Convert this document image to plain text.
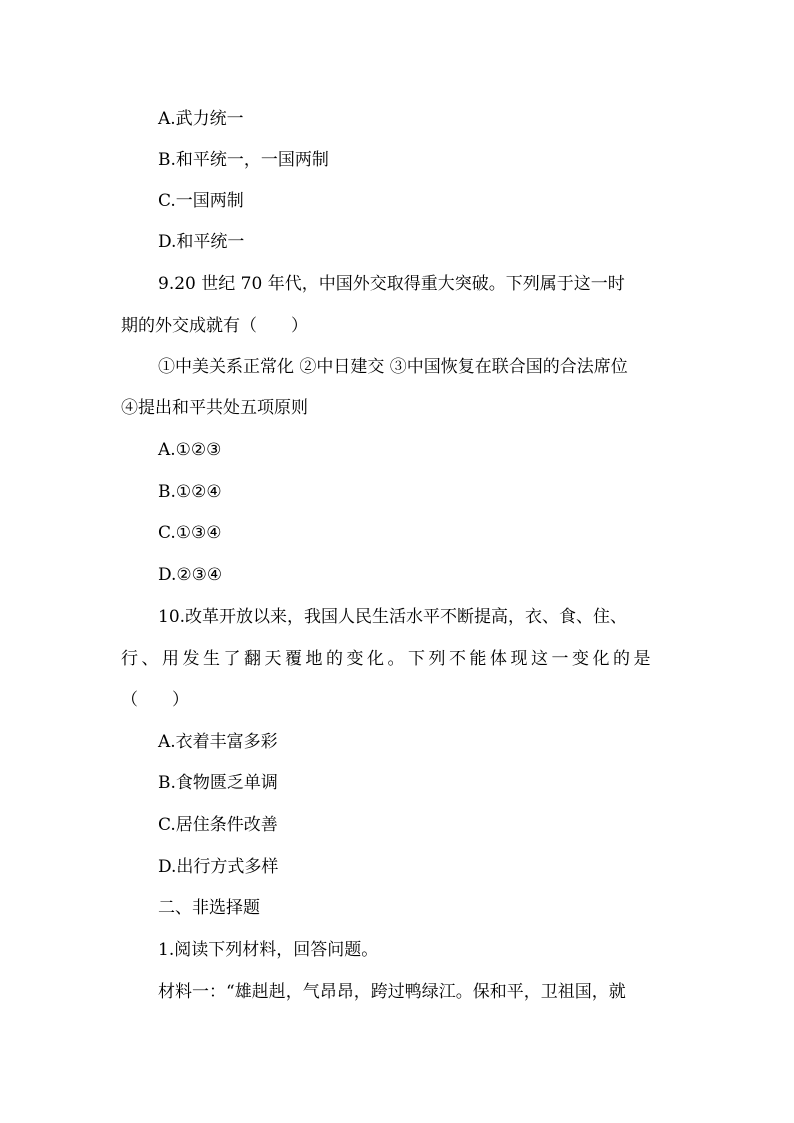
A.武力统一
B.和平统一，一国两制
C.一国两制
D.和平统一
9.20 世纪 70 年代，中国外交取得重大突破。下列属于这一时
期的外交成就有（　　）
①中美关系正常化 ②中日建交 ③中国恢复在联合国的合法席位
④提出和平共处五项原则
A.①②③
B.①②④
C.①③④
D.②③④
10.改革开放以来，我国人民生活水平不断提高，衣、食、住、
行、用发生了翻天覆地的变化。下列不能体现这一变化的是
（　　）
A.衣着丰富多彩
B.食物匮乏单调
C.居住条件改善
D.出行方式多样
二、非选择题
1.阅读下列材料，回答问题。
材料一：“雄赳赳，气昂昂，跨过鸭绿江。保和平，卫祖国，就
